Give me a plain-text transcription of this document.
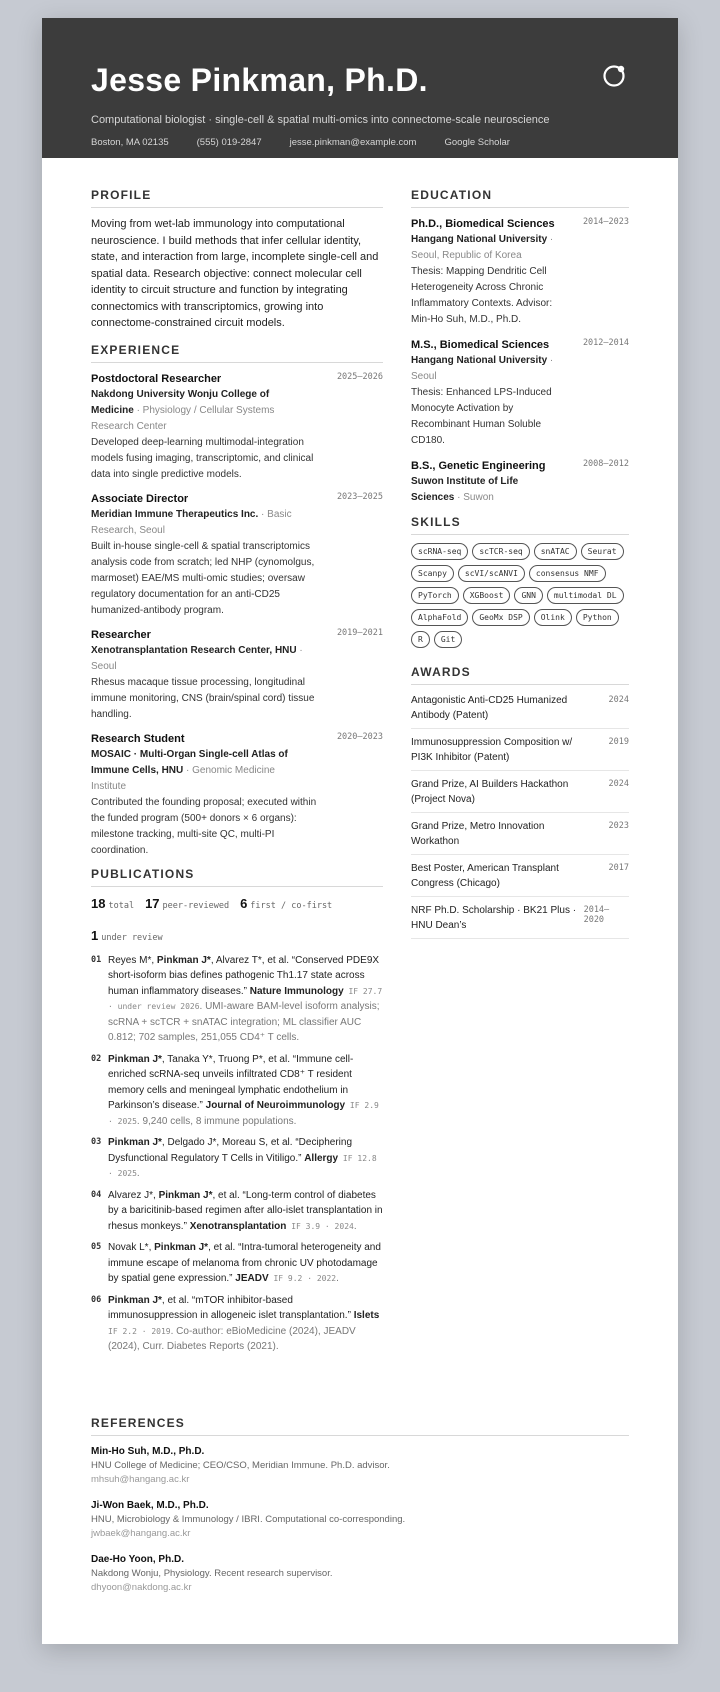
Jesse Pinkman, Ph.D.
Computational biologist · single-cell & spatial multi-omics into connectome-scale neuroscience
Boston, MA 02135	(555) 019-2847	jesse.pinkman@example.com	Google Scholar
PROFILE
Moving from wet-lab immunology into computational neuroscience. I build methods that infer cellular identity, state, and interaction from large, incomplete single-cell and spatial data. Research objective: connect molecular cell identity to circuit structure and function by integrating connectomics with transcriptomics, growing into connectome-constrained circuit models.
EXPERIENCE
Postdoctoral Researcher	2025–2026
Nakdong University Wonju College of Medicine · Physiology / Cellular Systems Research Center
Developed deep-learning multimodal-integration models fusing imaging, transcriptomic, and clinical data into single predictive models.
Associate Director	2023–2025
Meridian Immune Therapeutics Inc. · Basic Research, Seoul
Built in-house single-cell & spatial transcriptomics analysis code from scratch; led NHP (cynomolgus, marmoset) EAE/MS multi-omic studies; oversaw regulatory documentation for an anti-CD25 humanized-antibody program.
Researcher	2019–2021
Xenotransplantation Research Center, HNU · Seoul
Rhesus macaque tissue processing, longitudinal immune monitoring, CNS (brain/spinal cord) tissue handling.
Research Student	2020–2023
MOSAIC · Multi-Organ Single-cell Atlas of Immune Cells, HNU · Genomic Medicine Institute
Contributed the founding proposal; executed within the funded program (500+ donors × 6 organs): milestone tracking, multi-site QC, multi-PI coordination.
PUBLICATIONS
18 total 17 peer-reviewed 6 first / co-first
1 under review
01 Reyes M*, Pinkman J*, Alvarez T*, et al. “Conserved PDE9X short-isoform bias defines pathogenic Th1.17 state across human inflammatory diseases.” Nature Immunology IF 27.7 · under review 2026. UMI-aware BAM-level isoform analysis; scRNA + scTCR + snATAC integration; ML classifier AUC 0.812; 702 samples, 251,055 CD4⁺ T cells.
02 Pinkman J*, Tanaka Y*, Truong P*, et al. “Immune cell-enriched scRNA-seq unveils infiltrated CD8⁺ T resident memory cells and meningeal lymphatic endothelium in Parkinson’s disease.” Journal of Neuroimmunology IF 2.9 · 2025. 9,240 cells, 8 immune populations.
03 Pinkman J*, Delgado J*, Moreau S, et al. “Deciphering Dysfunctional Regulatory T Cells in Vitiligo.” Allergy IF 12.8 · 2025.
04 Alvarez J*, Pinkman J*, et al. “Long-term control of diabetes by a baricitinib-based regimen after allo-islet transplantation in rhesus monkeys.” Xenotransplantation IF 3.9 · 2024.
05 Novak L*, Pinkman J*, et al. “Intra-tumoral heterogeneity and immune escape of melanoma from chronic UV photodamage by spatial gene expression.” JEADV IF 9.2 · 2022.
06 Pinkman J*, et al. “mTOR inhibitor-based immunosuppression in allogeneic islet transplantation.” Islets IF 2.2 · 2019. Co-author: eBioMedicine (2024), JEADV (2024), Curr. Diabetes Reports (2021).
EDUCATION
Ph.D., Biomedical Sciences	2014–2023
Hangang National University · Seoul, Republic of Korea
Thesis: Mapping Dendritic Cell Heterogeneity Across Chronic Inflammatory Contexts. Advisor: Min-Ho Suh, M.D., Ph.D.
M.S., Biomedical Sciences	2012–2014
Hangang National University · Seoul
Thesis: Enhanced LPS-Induced Monocyte Activation by Recombinant Human Soluble CD180.
B.S., Genetic Engineering	2008–2012
Suwon Institute of Life Sciences · Suwon
SKILLS
scRNA-seq	scTCR-seq	snATAC	Seurat
Scanpy	scVI/scANVI	consensus NMF
PyTorch	XGBoost	GNN	multimodal DL
AlphaFold	GeoMx DSP	Olink	Python
R	Git
AWARDS
Antagonistic Anti-CD25 Humanized Antibody (Patent)
2024
Immunosuppression Composition w/ PI3K Inhibitor (Patent)
2019
Grand Prize, AI Builders Hackathon (Project Nova)
2024
Grand Prize, Metro Innovation Workathon
2023
Best Poster, American Transplant Congress (Chicago)
2017
NRF Ph.D. Scholarship · BK21 Plus · HNU Dean’s
2014–2020
REFERENCES
Min-Ho Suh, M.D., Ph.D.
HNU College of Medicine; CEO/CSO, Meridian Immune. Ph.D. advisor.
mhsuh@hangang.ac.kr
Ji-Won Baek, M.D., Ph.D.
HNU, Microbiology & Immunology / IBRI. Computational co-corresponding.
jwbaek@hangang.ac.kr
Dae-Ho Yoon, Ph.D.
Nakdong Wonju, Physiology. Recent research supervisor.
dhyoon@nakdong.ac.kr
